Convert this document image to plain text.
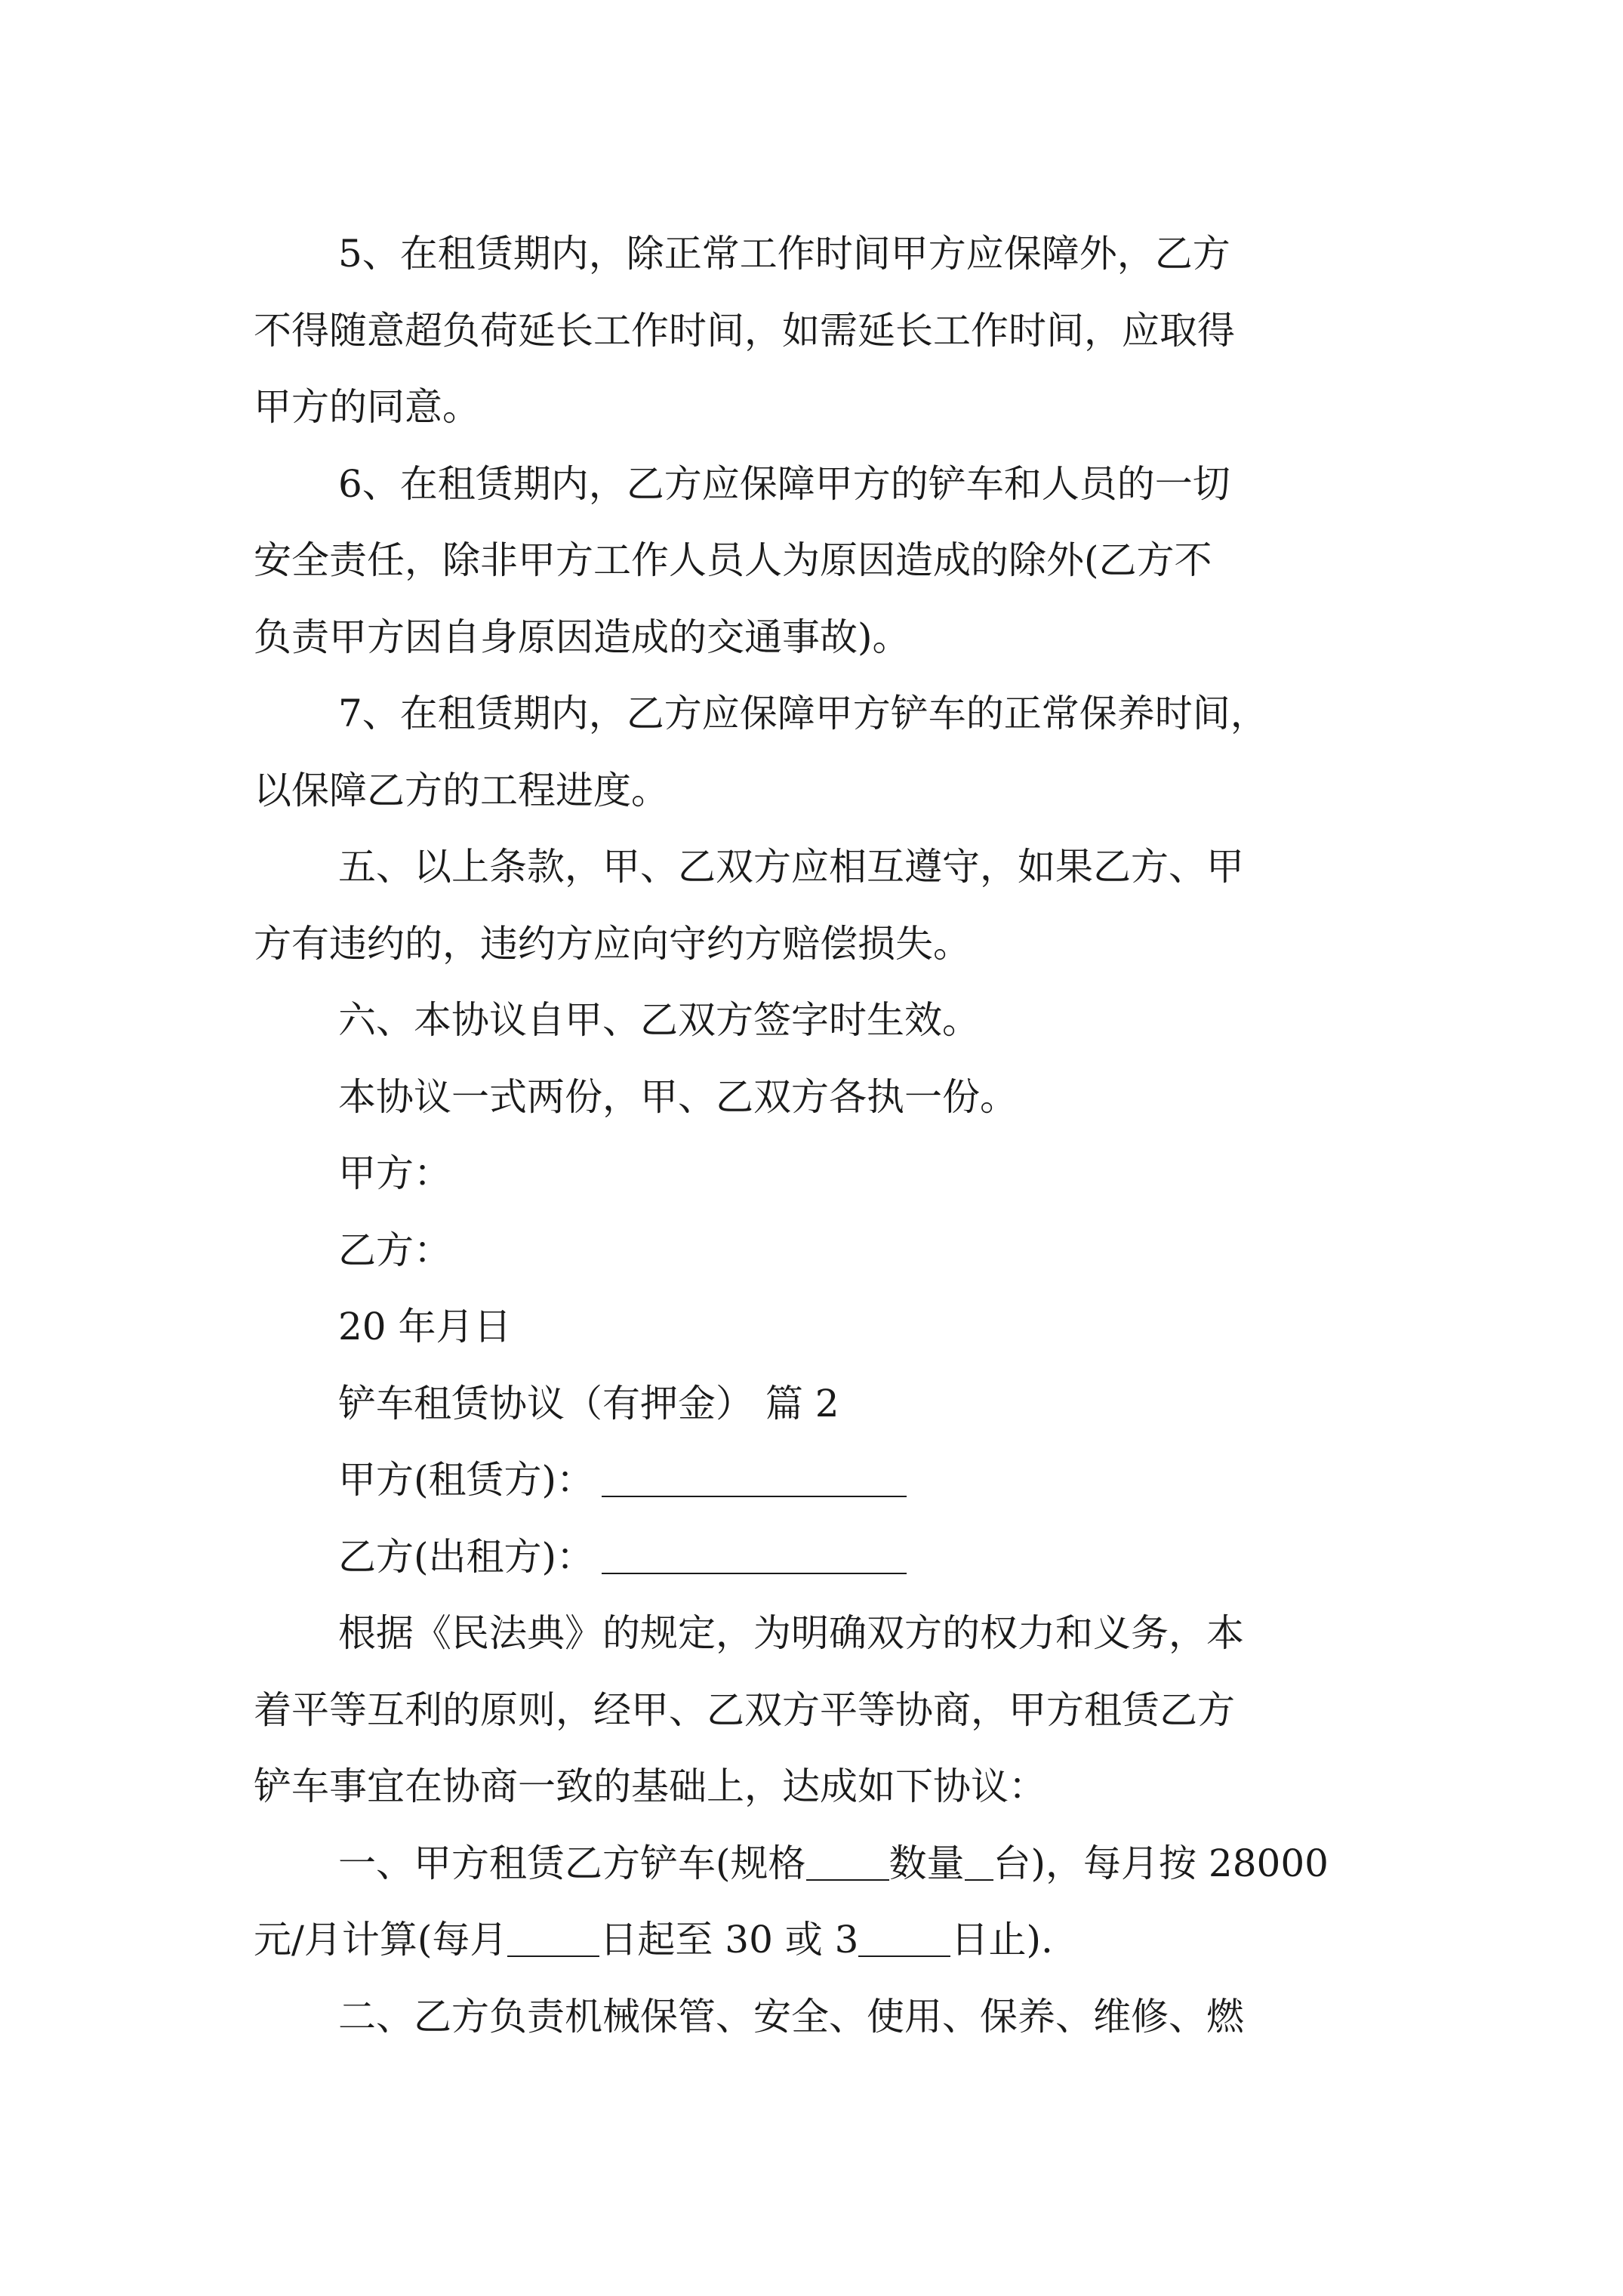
5、在租赁期内，除正常工作时间甲方应保障外，乙方
不得随意超负荷延长工作时间，如需延长工作时间，应取得
甲方的同意。
6、在租赁期内，乙方应保障甲方的铲车和人员的一切
安全责任，除非甲方工作人员人为原因造成的除外(乙方不
负责甲方因自身原因造成的交通事故)。
7、在租赁期内，乙方应保障甲方铲车的正常保养时间，
以保障乙方的工程进度。
五、以上条款，甲、乙双方应相互遵守，如果乙方、甲
方有违约的，违约方应向守约方赔偿损失。
六、本协议自甲、乙双方签字时生效。
本协议一式两份，甲、乙双方各执一份。
甲方：
乙方：
20 年月日
铲车租赁协议（有押金） 篇 2
甲方(租赁方)：
乙方(出租方)：
根据《民法典》的规定，为明确双方的权力和义务，本
着平等互利的原则，经甲、乙双方平等协商，甲方租赁乙方
铲车事宜在协商一致的基础上，达成如下协议：
一、甲方租赁乙方铲车(规格 数量 台)，每月按 28000
元/月计算(每月 日起至 30 或 3 日止).
二、乙方负责机械保管、安全、使用、保养、维修、燃
